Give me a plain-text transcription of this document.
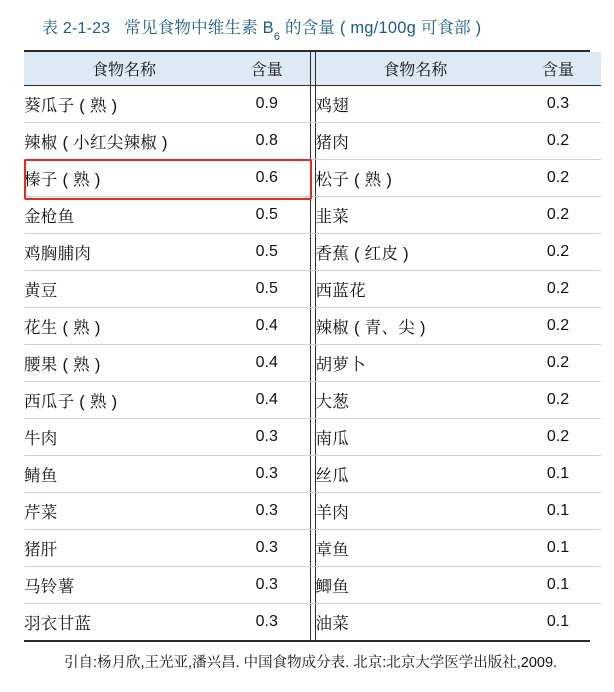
表 2-1-23 常见食物中维生素 $B_6$ 的含量 ( mg/100g 可食部 )
食物名称	含量		食物名称	含量
葵瓜子 ( 熟 )	0.9		鸡翅	0.3
辣椒 ( 小红尖辣椒 )	0.8		猪肉	0.2
榛子 ( 熟 )	0.6		松子 ( 熟 )	0.2
金枪鱼	0.5		韭菜	0.2
鸡胸脯肉	0.5		香蕉 ( 红皮 )	0.2
黄豆	0.5		西蓝花	0.2
花生 ( 熟 )	0.4		辣椒 ( 青、尖 )	0.2
腰果 ( 熟 )	0.4		胡萝卜	0.2
西瓜子 ( 熟 )	0.4		大葱	0.2
牛肉	0.3		南瓜	0.2
鲭鱼	0.3		丝瓜	0.1
芹菜	0.3		羊肉	0.1
猪肝	0.3		章鱼	0.1
马铃薯	0.3		鲫鱼	0.1
羽衣甘蓝	0.3		油菜	0.1
引自:杨月欣,王光亚,潘兴昌. 中国食物成分表. 北京:北京大学医学出版社,2009.
